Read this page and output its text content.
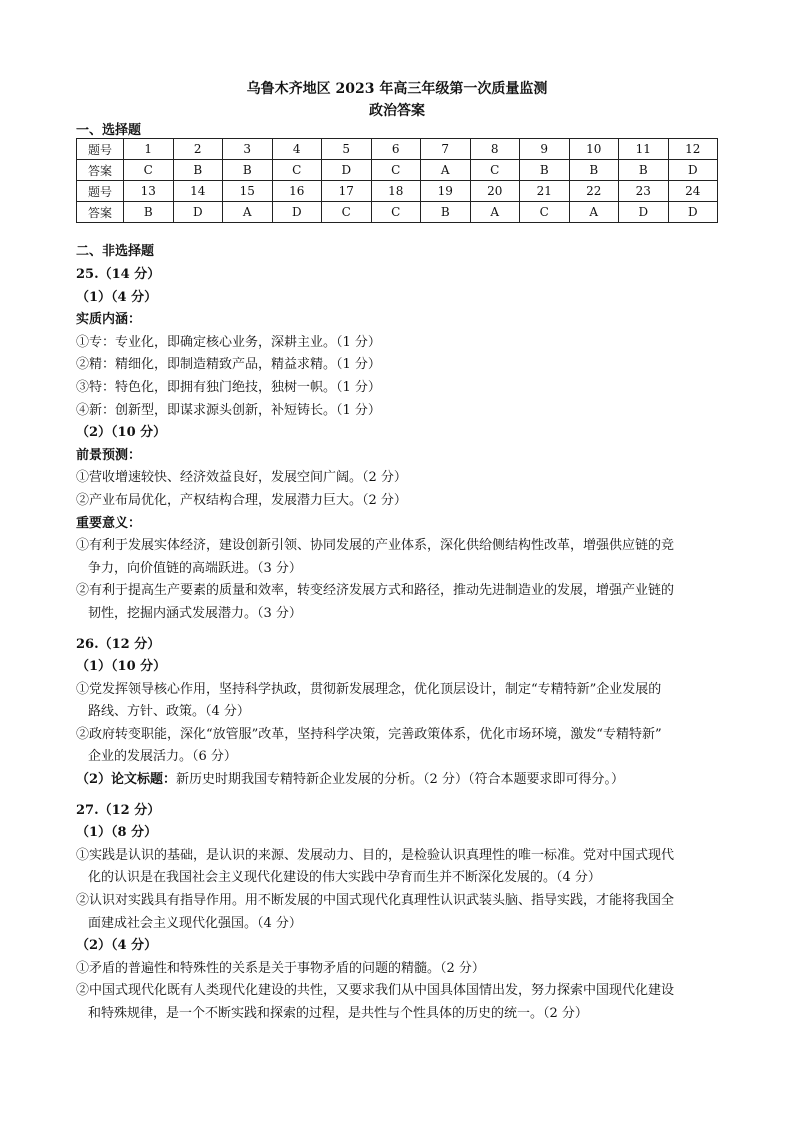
乌鲁木齐地区 2023 年高三年级第一次质量监测
政治答案
一、选择题
题号	1	2	3	4	5	6	7	8	9	10	11	12
答案	C	B	B	C	D	C	A	C	B	B	B	D
题号	13	14	15	16	17	18	19	20	21	22	23	24
答案	B	D	A	D	C	C	B	A	C	A	D	D
二、非选择题
25.（14 分）
（1）（4 分）
实质内涵：
①专：专业化，即确定核心业务，深耕主业。（1 分）
②精：精细化，即制造精致产品，精益求精。（1 分）
③特：特色化，即拥有独门绝技，独树一帜。（1 分）
④新：创新型，即谋求源头创新，补短铸长。（1 分）
（2）（10 分）
前景预测：
①营收增速较快、经济效益良好，发展空间广阔。（2 分）
②产业布局优化，产权结构合理，发展潜力巨大。（2 分）
重要意义：
①有利于发展实体经济，建设创新引领、协同发展的产业体系，深化供给侧结构性改革，增强供应链的竞
争力，向价值链的高端跃进。（3 分）
②有利于提高生产要素的质量和效率，转变经济发展方式和路径，推动先进制造业的发展，增强产业链的
韧性，挖掘内涵式发展潜力。（3 分）
26.（12 分）
（1）（10 分）
①党发挥领导核心作用，坚持科学执政，贯彻新发展理念，优化顶层设计，制定“专精特新”企业发展的
路线、方针、政策。（4 分）
②政府转变职能，深化“放管服”改革，坚持科学决策，完善政策体系，优化市场环境，激发“专精特新”
企业的发展活力。（6 分）
（2）论文标题：新历史时期我国专精特新企业发展的分析。（2 分）（符合本题要求即可得分。）
27.（12 分）
（1）（8 分）
①实践是认识的基础，是认识的来源、发展动力、目的，是检验认识真理性的唯一标准。党对中国式现代
化的认识是在我国社会主义现代化建设的伟大实践中孕育而生并不断深化发展的。（4 分）
②认识对实践具有指导作用。用不断发展的中国式现代化真理性认识武装头脑、指导实践，才能将我国全
面建成社会主义现代化强国。（4 分）
（2）（4 分）
①矛盾的普遍性和特殊性的关系是关于事物矛盾的问题的精髓。（2 分）
②中国式现代化既有人类现代化建设的共性，又要求我们从中国具体国情出发，努力探索中国现代化建设
和特殊规律，是一个不断实践和探索的过程，是共性与个性具体的历史的统一。（2 分）
